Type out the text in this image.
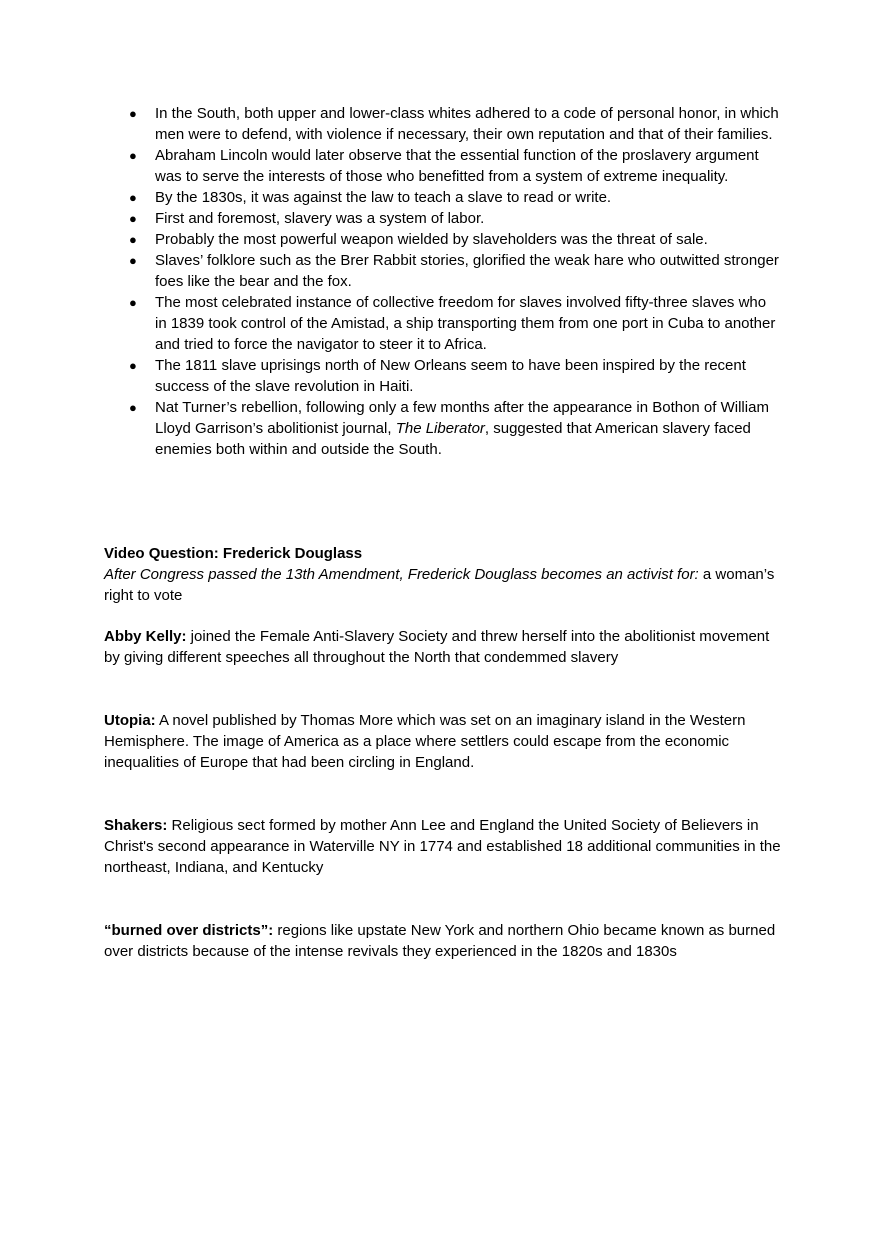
● In the South, both upper and lower-class whites adhered to a code of personal honor, in which men were to defend, with violence if necessary, their own reputation and that of their families.
● Abraham Lincoln would later observe that the essential function of the proslavery argument was to serve the interests of those who benefitted from a system of extreme inequality.
● By the 1830s, it was against the law to teach a slave to read or write.
● First and foremost, slavery was a system of labor.
● Probably the most powerful weapon wielded by slaveholders was the threat of sale.
● Slaves’ folklore such as the Brer Rabbit stories, glorified the weak hare who outwitted stronger foes like the bear and the fox.
● The most celebrated instance of collective freedom for slaves involved fifty-three slaves who in 1839 took control of the Amistad, a ship transporting them from one port in Cuba to another and tried to force the navigator to steer it to Africa.
● The 1811 slave uprisings north of New Orleans seem to have been inspired by the recent success of the slave revolution in Haiti.
● Nat Turner’s rebellion, following only a few months after the appearance in Bothon of William Lloyd Garrison’s abolitionist journal, The Liberator, suggested that American slavery faced enemies both within and outside the South.
Video Question: Frederick Douglass
After Congress passed the 13th Amendment, Frederick Douglass becomes an activist for: a woman’s right to vote

Abby Kelly: joined the Female Anti-Slavery Society and threw herself into the abolitionist movement by giving different speeches all throughout the North that condemmed slavery

Utopia: A novel published by Thomas More which was set on an imaginary island in the Western Hemisphere. The image of America as a place where settlers could escape from the economic inequalities of Europe that had been circling in England.

Shakers: Religious sect formed by mother Ann Lee and England the United Society of Believers in Christ's second appearance in Waterville NY in 1774 and established 18 additional communities in the northeast, Indiana, and Kentucky

“burned over districts”: regions like upstate New York and northern Ohio became known as burned over districts because of the intense revivals they experienced in the 1820s and 1830s
